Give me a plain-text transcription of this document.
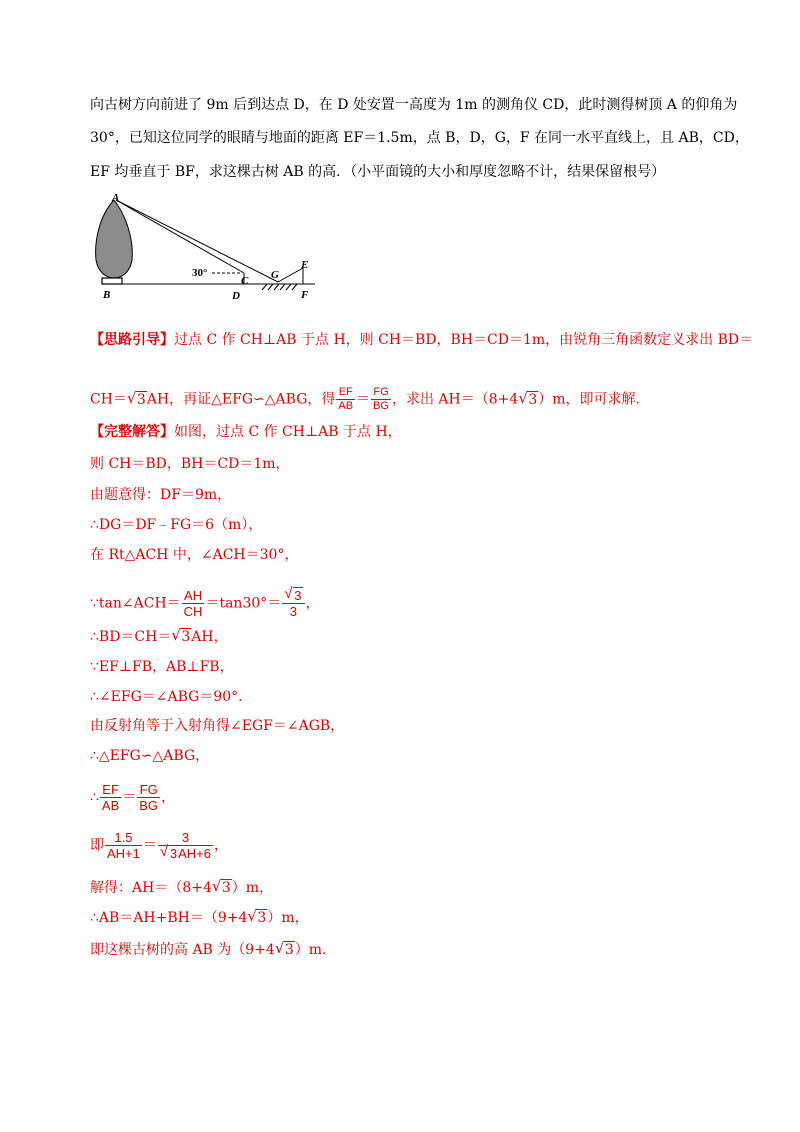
向古树方向前进了 9m 后到达点 D，在 D 处安置一高度为 1m 的测角仪 CD，此时测得树顶 A 的仰角为
30°，已知这位同学的眼睛与地面的距离 EF＝1.5m，点 B，D，G，F 在同一水平直线上，且 AB，CD，
EF 均垂直于 BF，求这棵古树 AB 的高．（小平面镜的大小和厚度忽略不计，结果保留根号）
A
B
30°
C
D
G
E
F
【思路引导】过点 C 作 CH⊥AB 于点 H，则 CH＝BD，BH＝CD＝1m，由锐角三角函数定义求出 BD＝
CH＝ √ 3AH，再证△EFG∽△ABG，得 $\frac{EF}{AB} = \frac{FG}{BG}$ ，求出 AH＝（8+4 √ 3）m，即可求解.
【完整解答】如图，过点 C 作 CH⊥AB 于点 H，
则 CH＝BD，BH＝CD＝1m，
由题意得：DF＝9m，
∴DG＝DF﹣FG＝6（m），
在 Rt△ACH 中，∠ACH＝30°，
∵tan∠ACH＝ $\frac{AH}{CH} =\tan 30^\circ=$ √ $\frac{3}{3}$ ，
∴BD＝CH＝ √ 3AH，
∵EF⊥FB，AB⊥FB，
∴∠EFG＝∠ABG＝90°.
由反射角等于入射角得∠EGF＝∠AGB，
∴△EFG∽△ABG，
∴ $\frac{EF}{AB} = \frac{FG}{BG}$ ，
即 $\frac{1.5}{AH+1} = 3$
√ 3AH+6 ，
解得：AH＝（8+4 √ 3）m，
∴AB＝AH+BH＝（9+4 √ 3）m，
即这棵古树的高 AB 为（9+4 √ 3）m.
